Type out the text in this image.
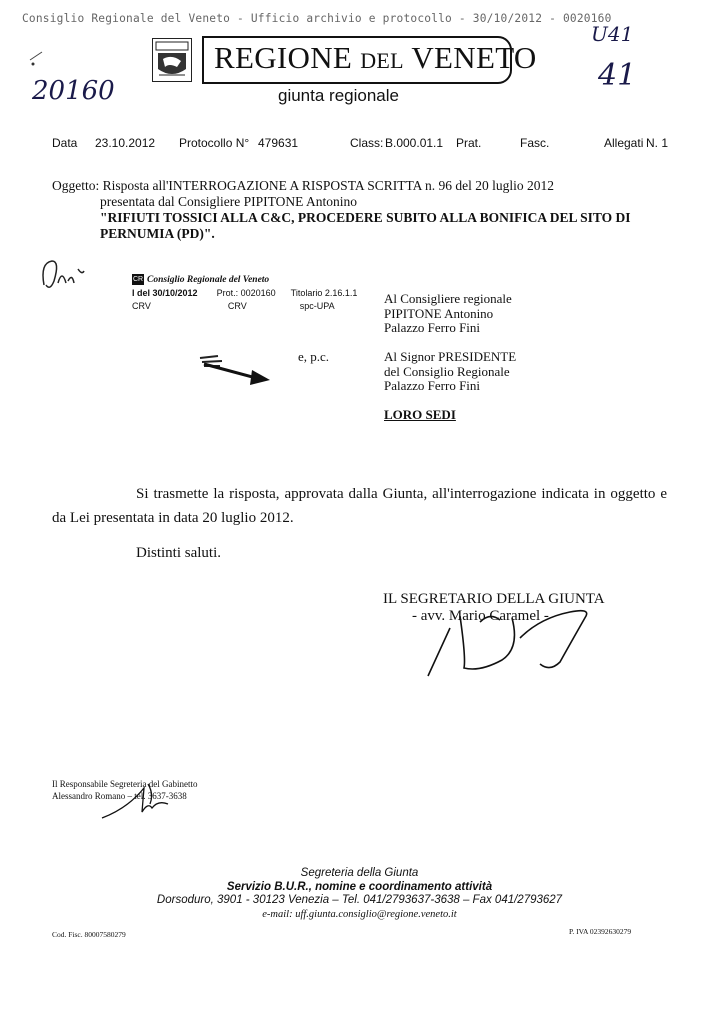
Consiglio Regionale del Veneto - Ufficio archivio e protocollo - 30/10/2012 - 0020160
20160
U41
41
REGIONE DEL VENETO
giunta regionale
Data 23.10.2012 Protocollo N° 479631	Class: B.000.01.1 Prat.	Fasc.	Allegati N. 1
Oggetto: Risposta all'INTERROGAZIONE A RISPOSTA SCRITTA n. 96 del 20 luglio 2012
presentata dal Consigliere PIPITONE Antonino
"RIFIUTI TOSSICI ALLA C&C, PROCEDERE SUBITO ALLA BONIFICA DEL SITO DI
PERNUMIA (PD)".
CR Consiglio Regionale del Veneto
I del 30/10/2012 Prot.: 0020160 Titolario 2.16.1.1
CRV	CRV	spc-UPA	Al Consigliere regionale
PIPITONE Antonino
Palazzo Ferro Fini
e, p.c.	Al Signor PRESIDENTE
del Consiglio Regionale
Palazzo Ferro Fini
LORO SEDI
Si trasmette la risposta, approvata dalla Giunta, all'interrogazione indicata in oggetto e da Lei presentata in data 20 luglio 2012.
Distinti saluti.
IL SEGRETARIO DELLA GIUNTA
- avv. Mario Caramel -
Il Responsabile Segreteria del Gabinetto
Alessandro Romano – tel. 3637-3638
Segreteria della Giunta
Servizio B.U.R., nomine e coordinamento attività
Dorsoduro, 3901 - 30123 Venezia – Tel. 041/2793637-3638 – Fax 041/2793627
e-mail: uff.giunta.consiglio@regione.veneto.it
Cod. Fisc. 80007580279	P. IVA 02392630279
